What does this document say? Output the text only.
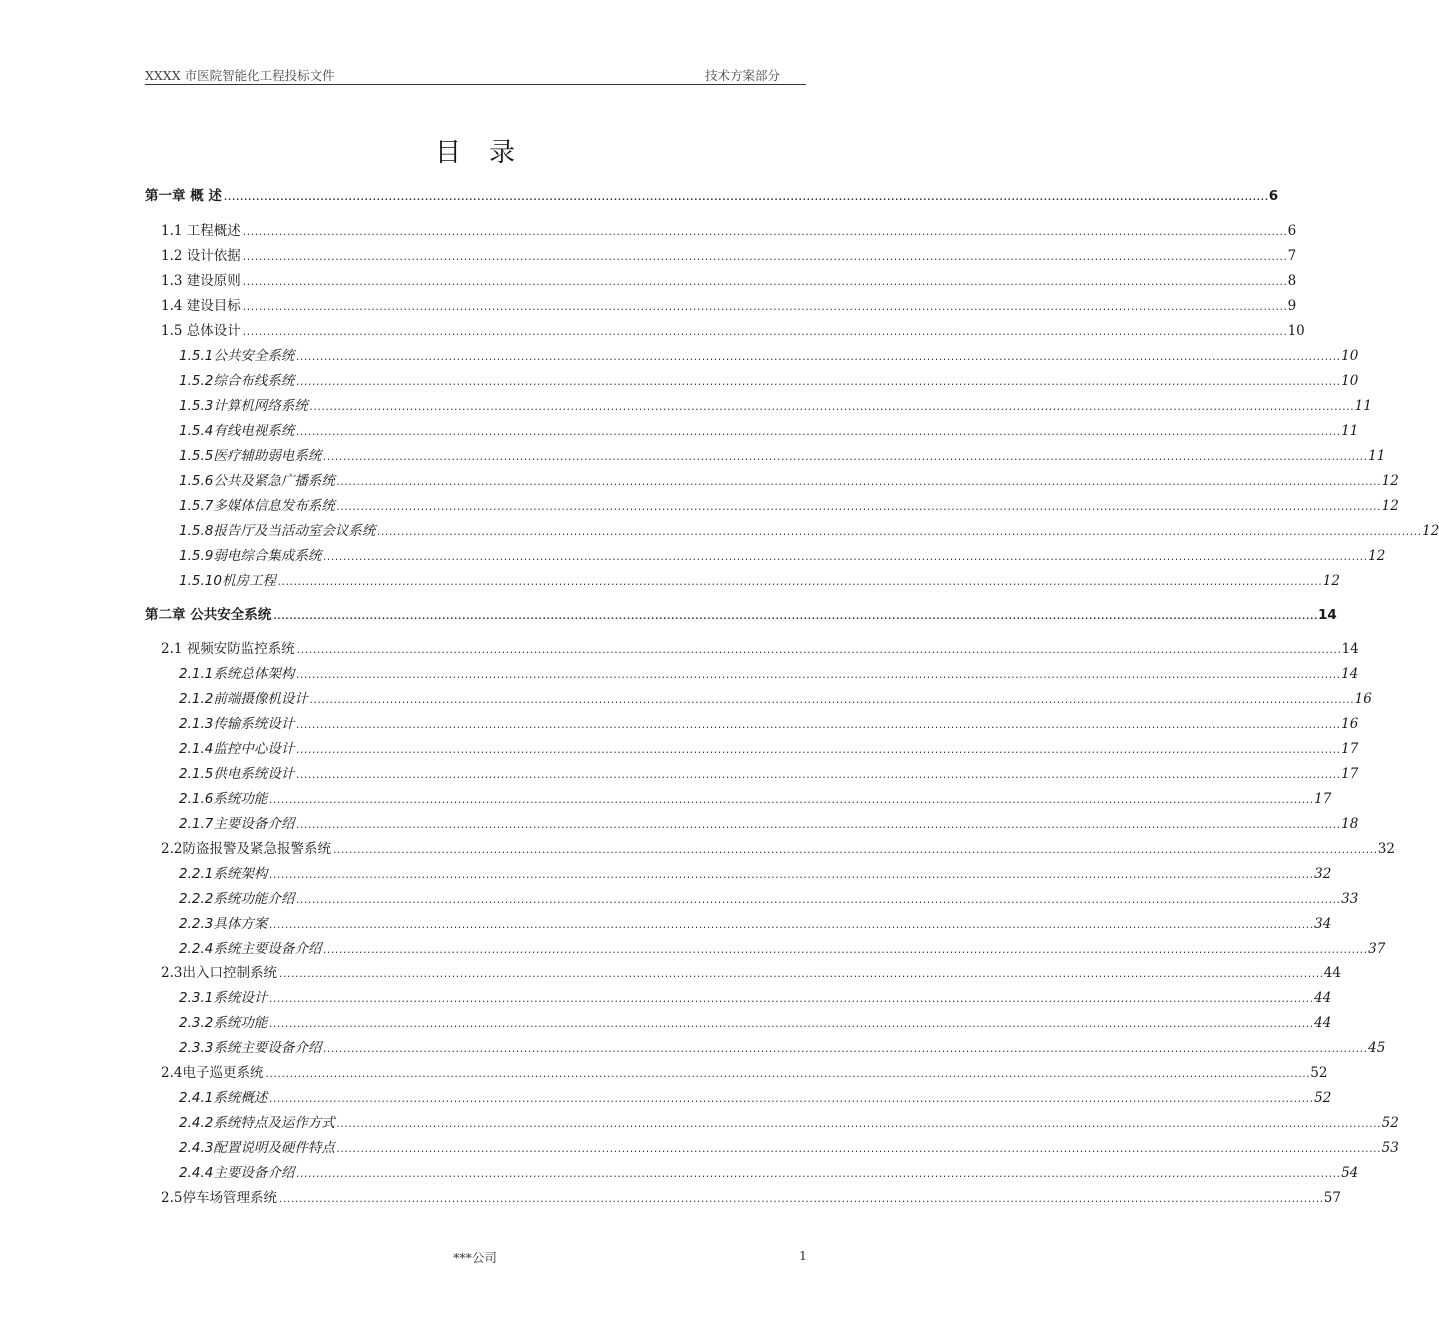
XXXX 市医院智能化工程投标文件	技术方案部分
目录
第一章 概 述 .................................................................................................................................................................................................................................................................... 6
1.1 工程概述 .................................................................................................................................................................................................................................................................... 6
1.2 设计依据 .................................................................................................................................................................................................................................................................... 7
1.3 建设原则 .................................................................................................................................................................................................................................................................... 8
1.4 建设目标 .................................................................................................................................................................................................................................................................... 9
1.5 总体设计 .................................................................................................................................................................................................................................................................... 10
1.5.1公共安全系统 .................................................................................................................................................................................................................................................................... 10
1.5.2综合布线系统 .................................................................................................................................................................................................................................................................... 10
1.5.3计算机网络系统 .................................................................................................................................................................................................................................................................... 11
1.5.4有线电视系统 .................................................................................................................................................................................................................................................................... 11
1.5.5医疗辅助弱电系统 .................................................................................................................................................................................................................................................................... 11
1.5.6公共及紧急广播系统 .................................................................................................................................................................................................................................................................... 12
1.5.7多媒体信息发布系统 .................................................................................................................................................................................................................................................................... 12
1.5.8报告厅及当活动室会议系统 .................................................................................................................................................................................................................................................................... 12
1.5.9弱电综合集成系统 .................................................................................................................................................................................................................................................................... 12
1.5.10机房工程 .................................................................................................................................................................................................................................................................... 12
第二章 公共安全系统 .................................................................................................................................................................................................................................................................... 14
2.1 视频安防监控系统 .................................................................................................................................................................................................................................................................... 14
2.1.1系统总体架构 .................................................................................................................................................................................................................................................................... 14
2.1.2前端摄像机设计 .................................................................................................................................................................................................................................................................... 16
2.1.3传输系统设计 .................................................................................................................................................................................................................................................................... 16
2.1.4监控中心设计 .................................................................................................................................................................................................................................................................... 17
2.1.5供电系统设计 .................................................................................................................................................................................................................................................................... 17
2.1.6系统功能 .................................................................................................................................................................................................................................................................... 17
2.1.7主要设备介绍 .................................................................................................................................................................................................................................................................... 18
2.2防盗报警及紧急报警系统 .................................................................................................................................................................................................................................................................... 32
2.2.1系统架构 .................................................................................................................................................................................................................................................................... 32
2.2.2系统功能介绍 .................................................................................................................................................................................................................................................................... 33
2.2.3具体方案 .................................................................................................................................................................................................................................................................... 34
2.2.4系统主要设备介绍 .................................................................................................................................................................................................................................................................... 37
2.3出入口控制系统 .................................................................................................................................................................................................................................................................... 44
2.3.1系统设计 .................................................................................................................................................................................................................................................................... 44
2.3.2系统功能 .................................................................................................................................................................................................................................................................... 44
2.3.3系统主要设备介绍 .................................................................................................................................................................................................................................................................... 45
2.4电子巡更系统 .................................................................................................................................................................................................................................................................... 52
2.4.1系统概述 .................................................................................................................................................................................................................................................................... 52
2.4.2系统特点及运作方式 .................................................................................................................................................................................................................................................................... 52
2.4.3配置说明及硬件特点 .................................................................................................................................................................................................................................................................... 53
2.4.4主要设备介绍 .................................................................................................................................................................................................................................................................... 54
2.5停车场管理系统 .................................................................................................................................................................................................................................................................... 57
***公司	1
